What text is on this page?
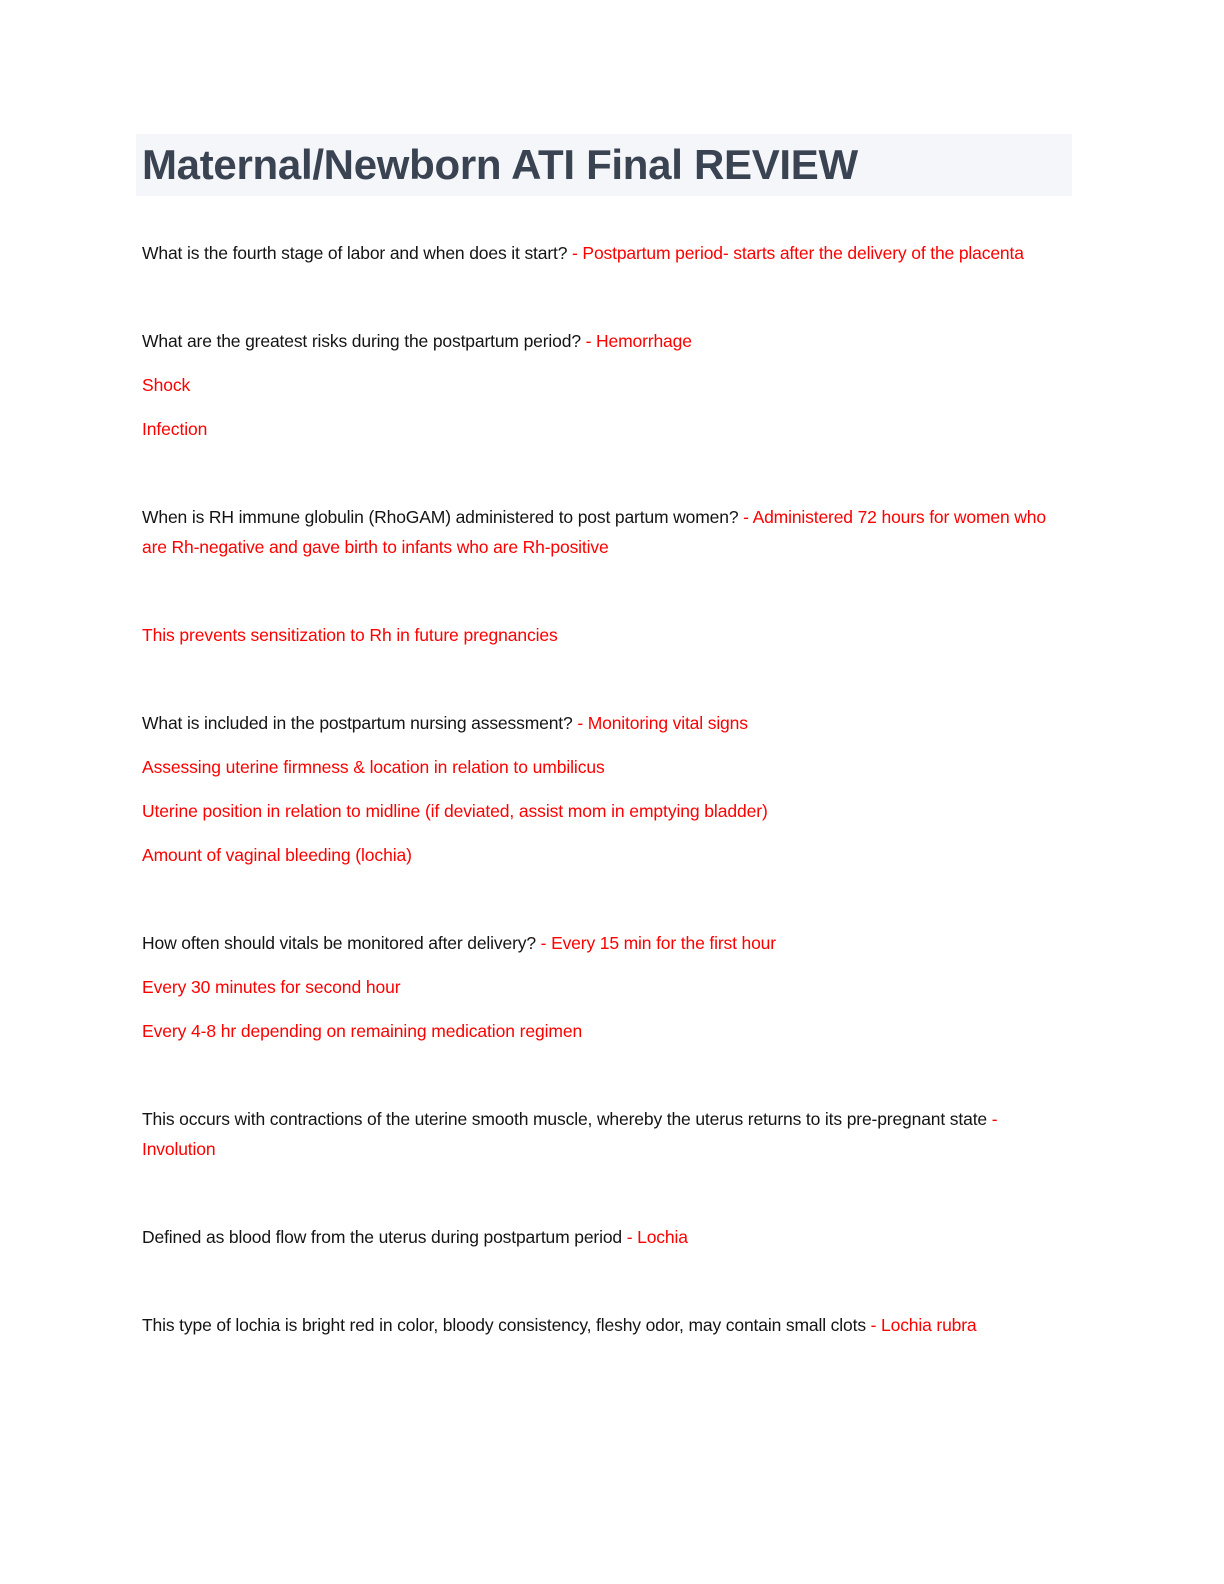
Maternal/Newborn ATI Final REVIEW

What is the fourth stage of labor and when does it start? - Postpartum period- starts after the delivery of the placenta

What are the greatest risks during the postpartum period? - Hemorrhage

Shock

Infection

When is RH immune globulin (RhoGAM) administered to post partum women? - Administered 72 hours for women who are Rh-negative and gave birth to infants who are Rh-positive

This prevents sensitization to Rh in future pregnancies

What is included in the postpartum nursing assessment? - Monitoring vital signs

Assessing uterine firmness & location in relation to umbilicus

Uterine position in relation to midline (if deviated, assist mom in emptying bladder)

Amount of vaginal bleeding (lochia)

How often should vitals be monitored after delivery? - Every 15 min for the first hour

Every 30 minutes for second hour

Every 4-8 hr depending on remaining medication regimen

This occurs with contractions of the uterine smooth muscle, whereby the uterus returns to its pre-pregnant state - Involution

Defined as blood flow from the uterus during postpartum period - Lochia

This type of lochia is bright red in color, bloody consistency, fleshy odor, may contain small clots - Lochia rubra
